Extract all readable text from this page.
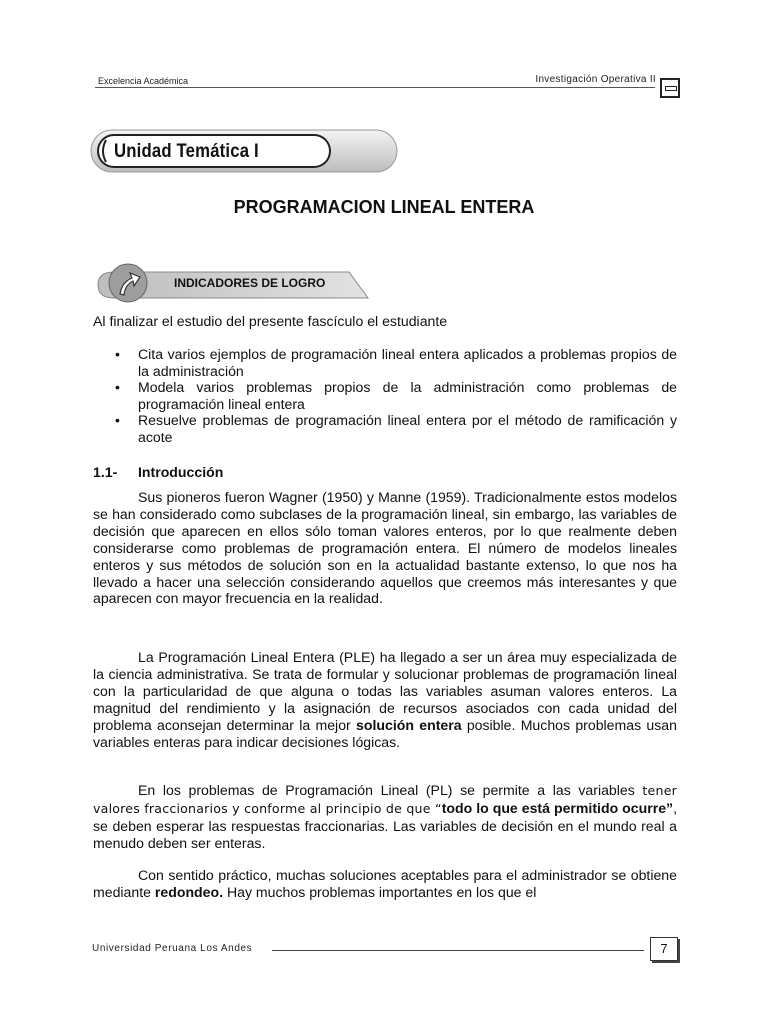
Excelencia Académica	Investigación Operativa II
Unidad Temática I
PROGRAMACION LINEAL ENTERA
INDICADORES DE LOGRO
Al finalizar el estudio del presente fascículo el estudiante
• Cita varios ejemplos de programación lineal entera aplicados a problemas propios de la administración
• Modela varios problemas propios de la administración como problemas de programación lineal entera
• Resuelve problemas de programación lineal entera por el método de ramificación y acote
1.1- Introducción
Sus pioneros fueron Wagner (1950) y Manne (1959). Tradicionalmente estos modelos se han considerado como subclases de la programación lineal, sin embargo, las variables de decisión que aparecen en ellos sólo toman valores enteros, por lo que realmente deben considerarse como problemas de programación entera. El número de modelos lineales enteros y sus métodos de solución son en la actualidad bastante extenso, lo que nos ha llevado a hacer una selección considerando aquellos que creemos más interesantes y que aparecen con mayor frecuencia en la realidad.
La Programación Lineal Entera (PLE) ha llegado a ser un área muy especializada de la ciencia administrativa. Se trata de formular y solucionar problemas de programación lineal con la particularidad de que alguna o todas las variables asuman valores enteros. La magnitud del rendimiento y la asignación de recursos asociados con cada unidad del problema aconsejan determinar la mejor solución entera posible. Muchos problemas usan variables enteras para indicar decisiones lógicas.
En los problemas de Programación Lineal (PL) se permite a las variables tener valores fraccionarios y conforme al principio de que “todo lo que está permitido ocurre”, se deben esperar las respuestas fraccionarias. Las variables de decisión en el mundo real a menudo deben ser enteras.
Con sentido práctico, muchas soluciones aceptables para el administrador se obtiene mediante redondeo. Hay muchos problemas importantes en los que el
Universidad Peruana Los Andes	7
